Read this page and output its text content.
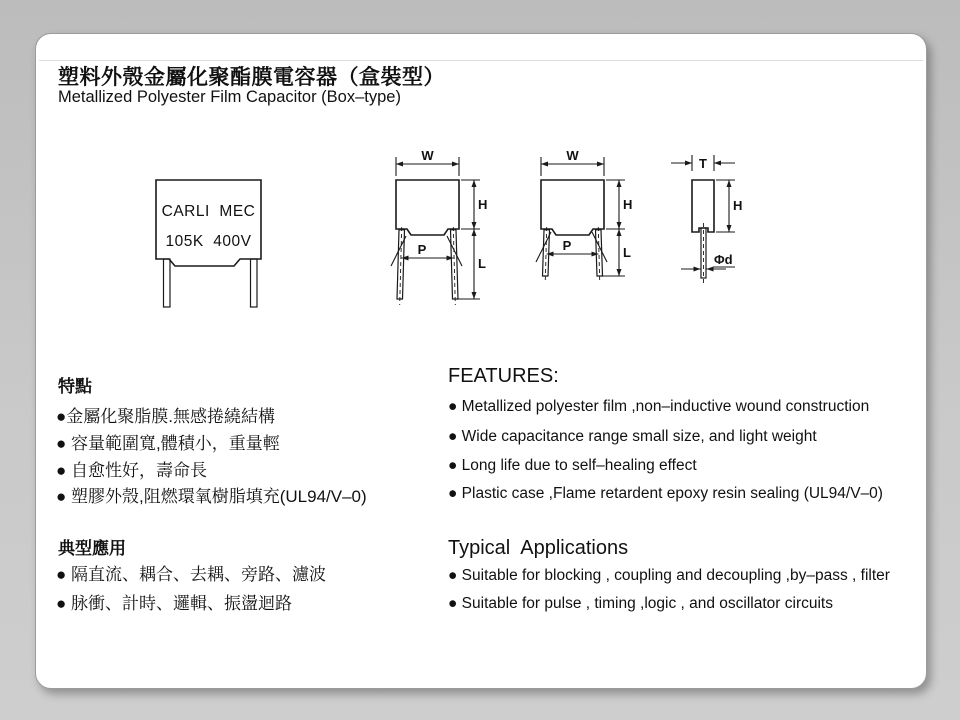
塑料外殼金屬化聚酯膜電容器（盒裝型）
Metallized Polyester Film Capacitor (Box–type)
CARLI  MEC
105K  400V
W
H
L
P
W
H
L
P
T
H
Φd
特點
● 金屬化聚脂膜.無感捲繞結構
● 容量範圍寬,體積小，重量輕
● 自愈性好，壽命長
● 塑膠外殼,阻燃環氧樹脂填充(UL94/V–0)
典型應用
● 隔直流、耦合、去耦、旁路、濾波
● 脉衝、計時、邏輯、振盪迴路
FEATURES:
● Metallized polyester film ,non–inductive wound construction
● Wide capacitance range small size, and light weight
● Long life due to self–healing effect
● Plastic case ,Flame retardent epoxy resin sealing (UL94/V–0)
Typical  Applications
● Suitable for blocking , coupling and decoupling ,by–pass , filter
● Suitable for pulse , timing ,logic , and oscillator circuits
